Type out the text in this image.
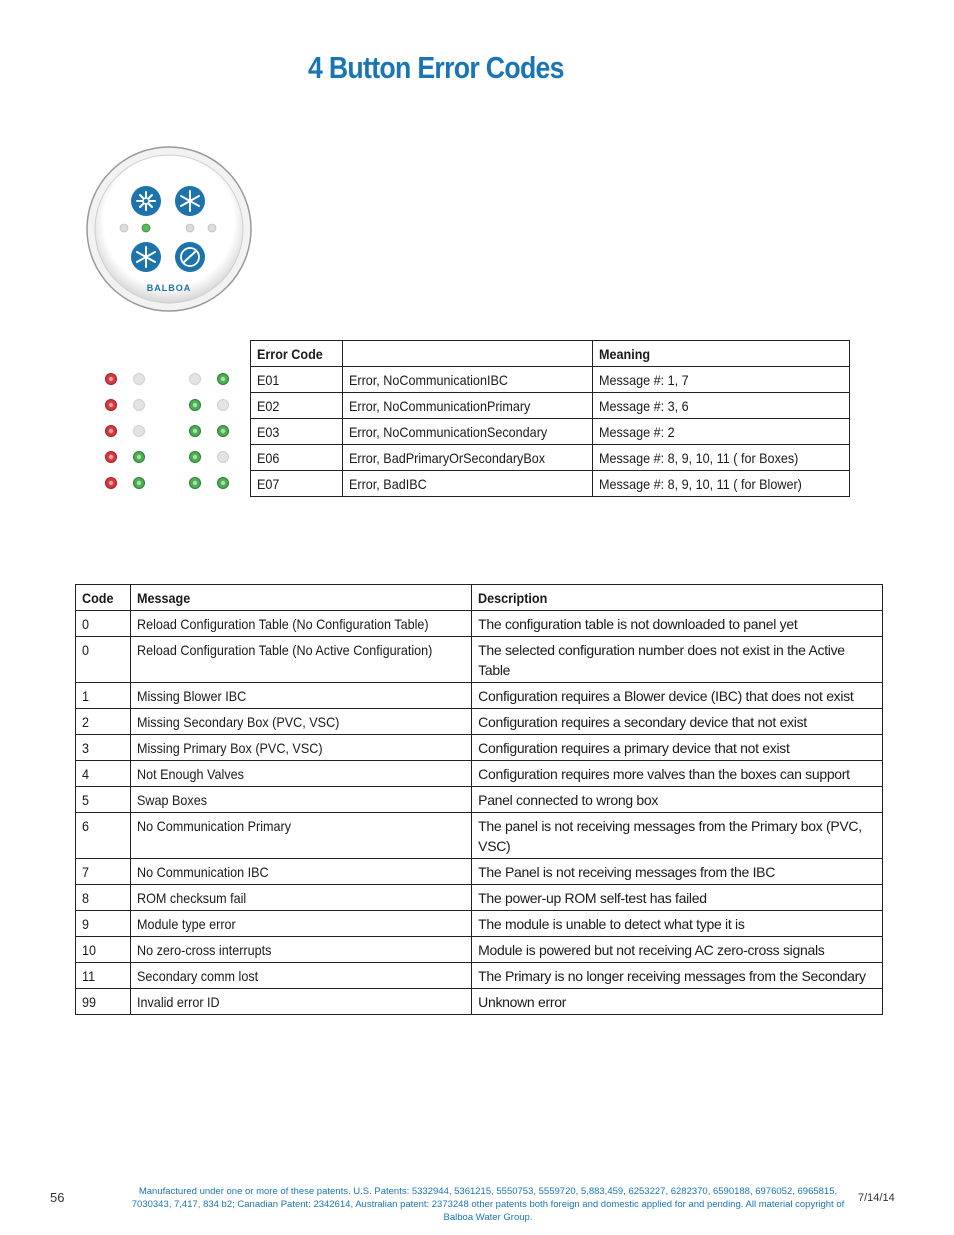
4 Button Error Codes
BALBOA
Error Code		Meaning
E01	Error, NoCommunicationIBC	Message #: 1, 7
E02	Error, NoCommunicationPrimary	Message #: 3, 6
E03	Error, NoCommunicationSecondary	Message #: 2
E06	Error, BadPrimaryOrSecondaryBox	Message #: 8, 9, 10, 11 ( for Boxes)
E07	Error, BadIBC	Message #: 8, 9, 10, 11 ( for Blower)
Code	Message	Description
0	Reload Configuration Table (No Configuration Table)	The configuration table is not downloaded to panel yet

0	Reload Configuration Table (No Active Configuration)	The selected configuration number does not exist in the Active Table

1	Missing Blower IBC	Configuration requires a Blower device (IBC) that does not exist

2	Missing Secondary Box (PVC, VSC)	Configuration requires a secondary device that not exist

3	Missing Primary Box (PVC, VSC)	Configuration requires a primary device that not exist

4	Not Enough Valves	Configuration requires more valves than the boxes can support

5	Swap Boxes	Panel connected to wrong box

6	No Communication Primary	The panel is not receiving messages from the Primary box (PVC, VSC)

7	No Communication IBC	The Panel is not receiving messages from the IBC

8	ROM checksum fail	The power-up ROM self-test has failed

9	Module type error	The module is unable to detect what type it is

10	No zero-cross interrupts	Module is powered but not receiving AC zero-cross signals

11	Secondary comm lost	The Primary is no longer receiving messages from the Secondary

99	Invalid error ID	Unknown error
56	Manufactured under one or more of these patents. U.S. Patents: 5332944, 5361215, 5550753, 5559720, 5,883,459, 6253227, 6282370, 6590188, 6976052, 6965815, 7030343, 7,417, 834 b2; Canadian Patent: 2342614, Australian patent: 2373248 other patents both foreign and domestic applied for and pending. All material copyright of Balboa Water Group.
7/14/14
